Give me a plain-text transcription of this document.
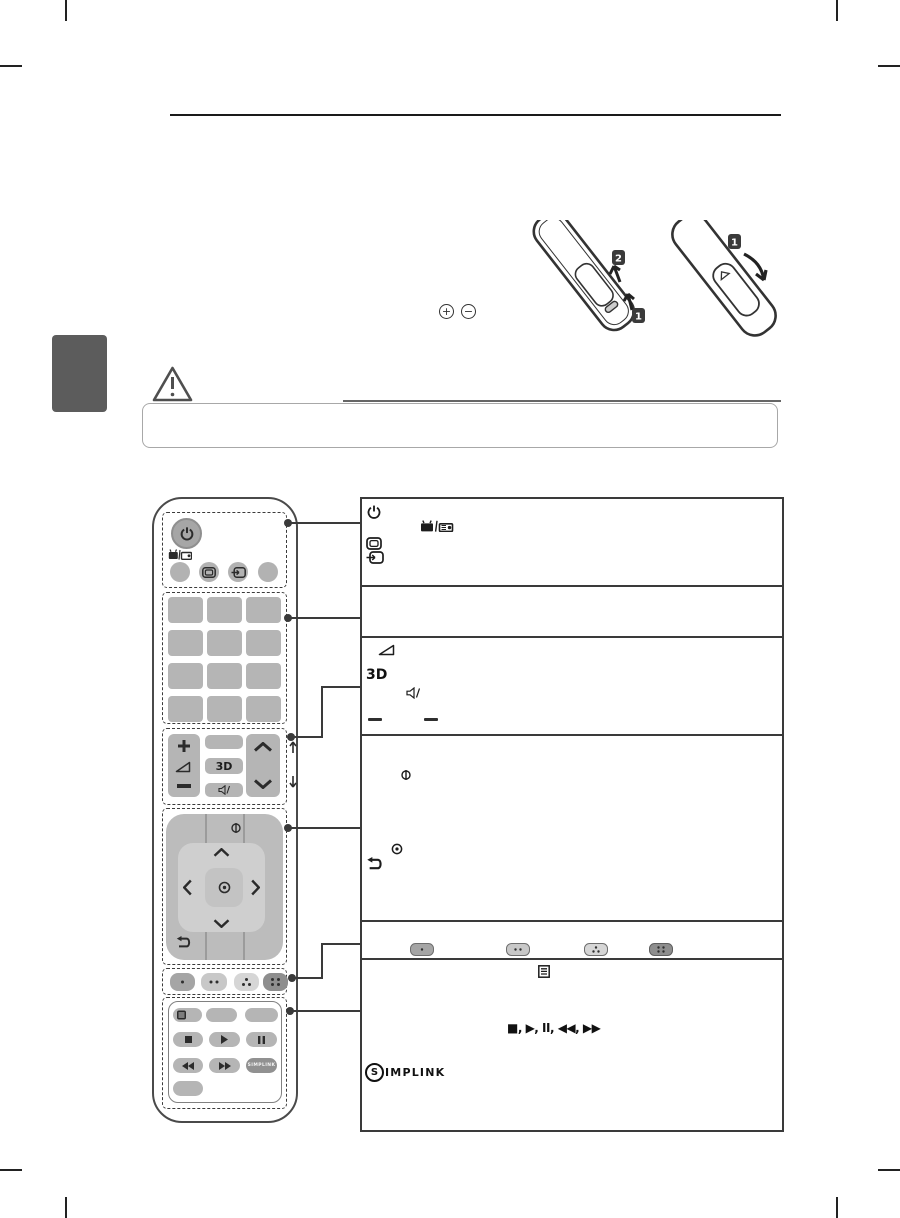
2
1
1
+ −
3D
SIMPLINK
3D
■, ▶, II, ◀◀, ▶▶
S IMPLINK
